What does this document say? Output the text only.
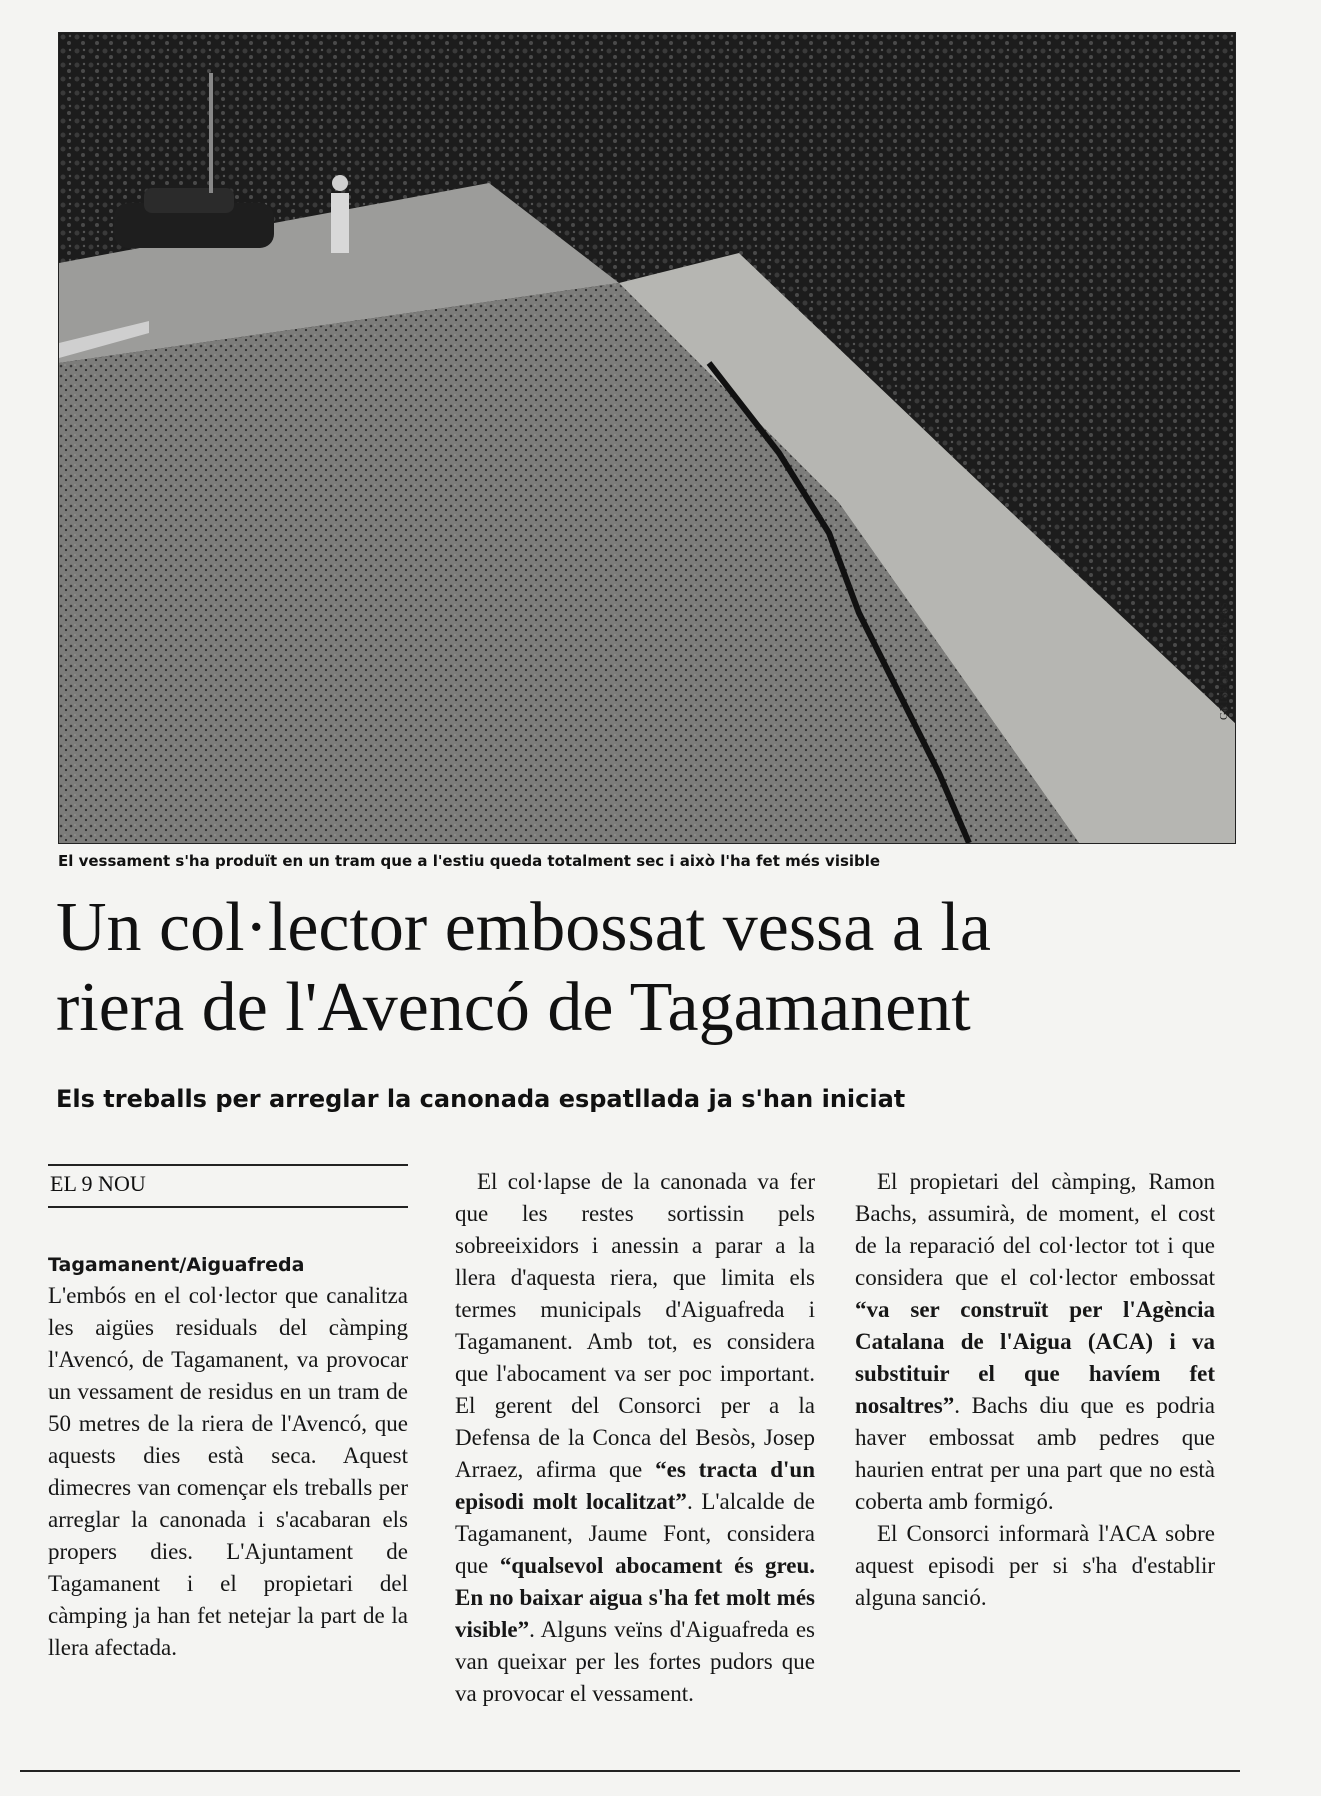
GRISELDA ESCRIGAS
El vessament s'ha produït en un tram que a l'estiu queda totalment sec i això l'ha fet més visible
Un col·lector embossat vessa a la
riera de l'Avencó de Tagamanent
Els treballs per arreglar la canonada espatllada ja s'han iniciat
EL 9 NOU
Tagamanent/Aiguafreda

L'embós en el col·lector que canalitza les aigües residuals del càmping l'Avencó, de Tagamanent, va provocar un vessament de residus en un tram de 50 metres de la riera de l'Avencó, que aquests dies està seca. Aquest dimecres van començar els treballs per arreglar la canonada i s'acabaran els propers dies. L'Ajuntament de Tagamanent i el propietari del càmping ja han fet netejar la part de la llera afectada.

El col·lapse de la canonada va fer que les restes sortissin pels sobreeixidors i anessin a parar a la llera d'aquesta riera, que limita els termes municipals d'Aiguafreda i Tagamanent. Amb tot, es considera que l'abocament va ser poc important. El gerent del Consorci per a la Defensa de la Conca del Besòs, Josep Arraez, afirma que “es tracta d'un episodi molt localitzat”. L'alcalde de Tagamanent, Jaume Font, considera que “qualsevol abocament és greu. En no baixar aigua s'ha fet molt més visible”. Alguns veïns d'Aiguafreda es van queixar per les fortes pudors que va provocar el vessament.

El propietari del càmping, Ramon Bachs, assumirà, de moment, el cost de la reparació del col·lector tot i que considera que el col·lector embossat “va ser construït per l'Agència Catalana de l'Aigua (ACA) i va substituir el que havíem fet nosaltres”. Bachs diu que es podria haver embossat amb pedres que haurien entrat per una part que no està coberta amb formigó.

El Consorci informarà l'ACA sobre aquest episodi per si s'ha d'establir alguna sanció.
